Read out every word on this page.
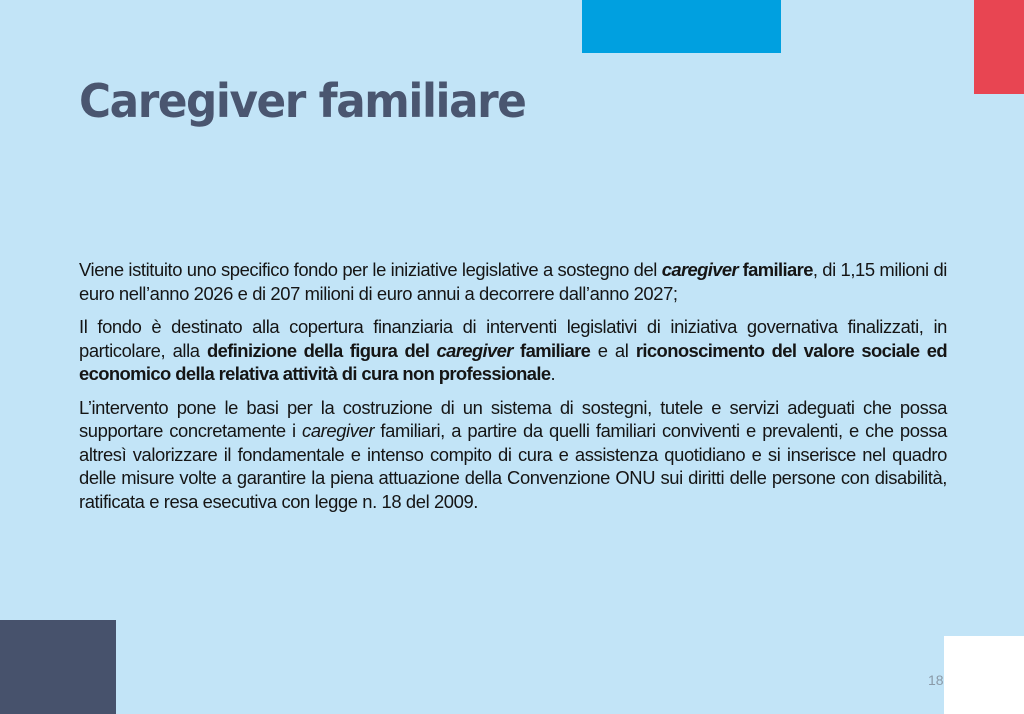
Caregiver familiare

Viene istituito uno specifico fondo per le iniziative legislative a sostegno del caregiver familiare, di 1,15 milioni di euro nell’anno 2026 e di 207 milioni di euro annui a decorrere dall’anno 2027;

Il fondo è destinato alla copertura finanziaria di interventi legislativi di iniziativa governativa finalizzati, in particolare, alla definizione della figura del caregiver familiare e al riconoscimento del valore sociale ed economico della relativa attività di cura non professionale.

L’intervento pone le basi per la costruzione di un sistema di sostegni, tutele e servizi adeguati che possa supportare concretamente i caregiver familiari, a partire da quelli familiari conviventi e prevalenti, e che possa altresì valorizzare il fondamentale e intenso compito di cura e assistenza quotidiano e si inserisce nel quadro delle misure volte a garantire la piena attuazione della Convenzione ONU sui diritti delle persone con disabilità, ratificata e resa esecutiva con legge n. 18 del 2009.

18
